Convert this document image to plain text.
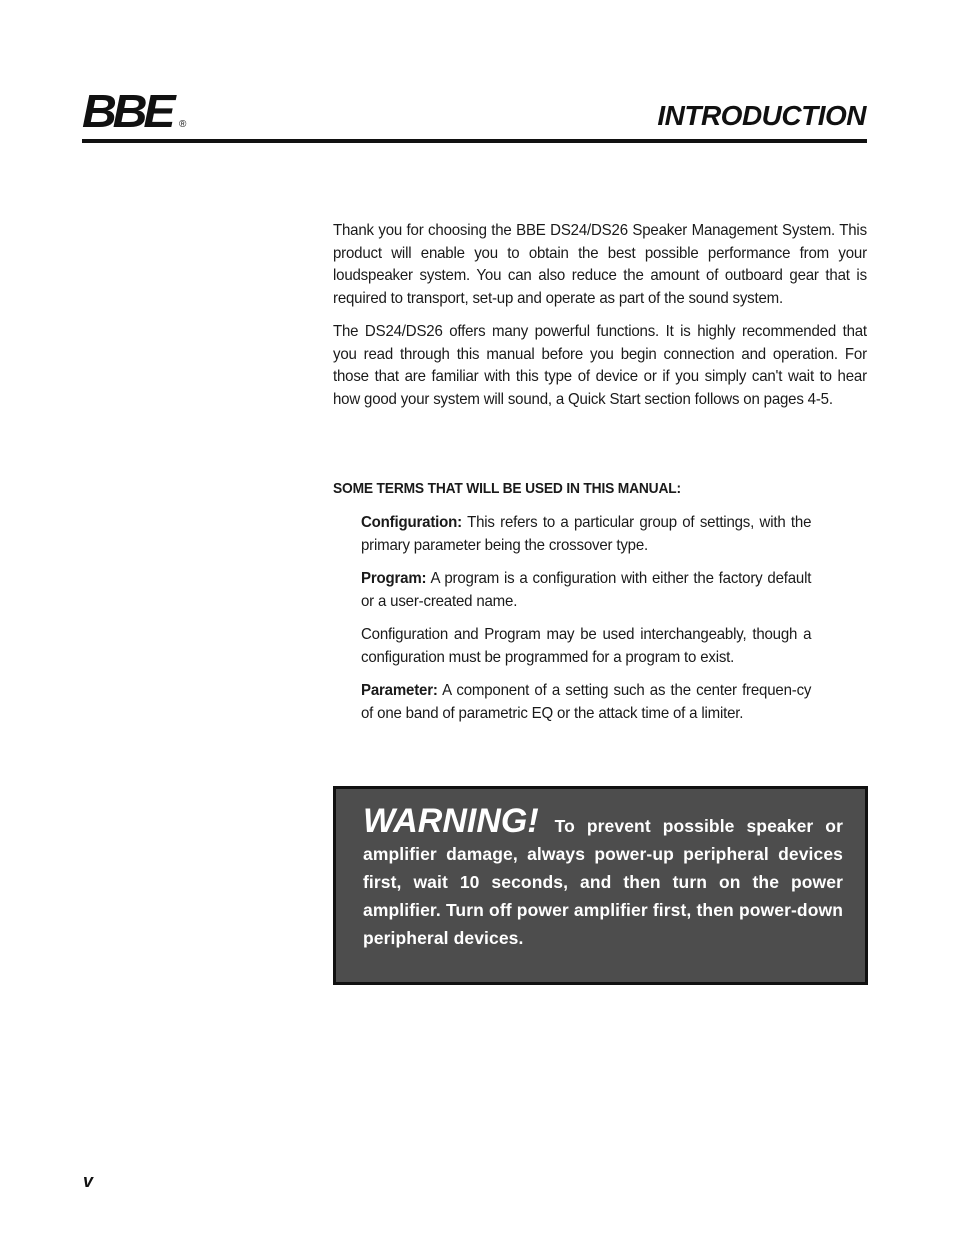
BBE ®	INTRODUCTION

Thank you for choosing the BBE DS24/DS26 Speaker Management System. This product will enable you to obtain the best possible performance from your loudspeaker system. You can also reduce the amount of outboard gear that is required to transport, set-up and operate as part of the sound system.

The DS24/DS26 offers many powerful functions. It is highly recommended that you read through this manual before you begin connection and operation. For those that are familiar with this type of device or if you simply can't wait to hear how good your system will sound, a Quick Start section follows on pages 4-5.

SOME TERMS THAT WILL BE USED IN THIS MANUAL:

Configuration: This refers to a particular group of settings, with the primary parameter being the crossover type.

Program: A program is a configuration with either the factory default or a user-created name.

Configuration and Program may be used interchangeably, though a configuration must be programmed for a program to exist.

Parameter: A component of a setting such as the center frequen-cy of one band of parametric EQ or the attack time of a limiter.

WARNING! To prevent possible speaker or amplifier damage, always power-up peripheral devices first, wait 10 seconds, and then turn on the power amplifier. Turn off power amplifier first, then power-down peripheral devices.
v
